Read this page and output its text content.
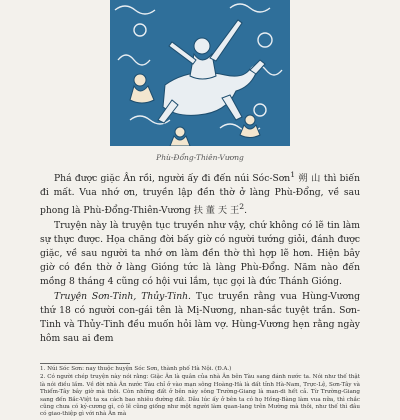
Phù-Đổng-Thiên-Vương

Phá được giặc Ân rồi, người ấy đi đến núi Sóc-Sơn$^1$ 朔 山 thì biến đi mất. Vua nhớ ơn, truyền lập đền thờ ở làng Phù-Đổng, về sau phong là Phù-Đổng-Thiên-Vương 扶 董 天 王$^2$.

Truyện này là truyện tục truyền như vậy, chứ không có lẽ tin làm sự thực được. Họa chăng đời bấy giờ có người tướng giỏi, đánh được giặc, về sau người ta nhớ ơn làm đền thờ thì hợp lẽ hơn. Hiện bây giờ có đền thờ ở làng Gióng tức là làng Phù-Đổng. Năm nào đến mồng 8 tháng 4 cũng có hội vui lắm, tục gọi là đức Thánh Gióng.

Truyện Sơn-Tinh, Thủy-Tinh. Tục truyền rằng vua Hùng-Vương thứ 18 có người con-gái tên là Mị-Nương, nhan-sắc tuyệt trần. Sơn-Tinh và Thủy-Tinh đều muốn hỏi làm vợ. Hùng-Vương hẹn rằng ngày hôm sau ai đem

1. Núi Sóc Sơn: nay thuộc huyện Sóc Sơn, thành phố Hà Nội. (Đ.A.)

2. Có người chép truyện này nói rằng: Giặc Ân là quân của nhà Ân bên Tàu sang đánh nước ta. Nói như thế thật là nói điều lầm. Về đời nhà Ân nước Tàu chỉ ở vào mạn sông Hoàng-Hà là đất tỉnh Hà-Nam, Trực-Lệ, Sơn-Tây và Thiểm-Tây bây giờ mà thôi. Còn những đất ở bên này sông Trường-Giang là man-di hết cả. Từ Trường-Giang sang đến Bắc-Việt ta xa cách bao nhiêu đường đất. Dẫu lúc ấy ở bên ta có họ Hồng-Bàng làm vua nữa, thì chắc cũng chưa có ký-cương gì, có lẽ cũng giống như một người làm quan-lang trên Mường mà thôi, như thế thì đâu có giao-thiệp gì với nhà Ân mà
